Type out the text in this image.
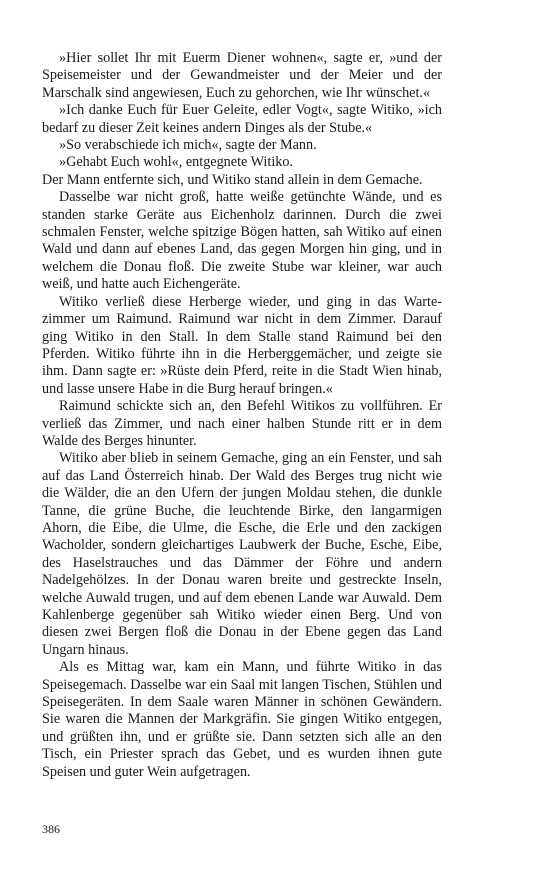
»Hier sollet Ihr mit Euerm Diener wohnen«, sagte er, »und der Speisemeister und der Gewandmeister und der Meier und der Marschalk sind angewiesen, Euch zu gehorchen, wie Ihr wünschet.«

»Ich danke Euch für Euer Geleite, edler Vogt«, sagte Witiko, »ich bedarf zu dieser Zeit keines andern Dinges als der Stube.«

»So verabschiede ich mich«, sagte der Mann.

»Gehabt Euch wohl«, entgegnete Witiko.

Der Mann entfernte sich, und Witiko stand allein in dem Gemache.

Dasselbe war nicht groß, hatte weiße getünchte Wände, und es standen starke Geräte aus Eichenholz darinnen. Durch die zwei schmalen Fenster, welche spitzige Bögen hatten, sah Witiko auf einen Wald und dann auf ebenes Land, das gegen Morgen hin ging, und in welchem die Donau floß. Die zweite Stube war kleiner, war auch weiß, und hatte auch Eichengeräte.

Witiko verließ diese Herberge wieder, und ging in das Wartezimmer um Raimund. Raimund war nicht in dem Zimmer. Darauf ging Witiko in den Stall. In dem Stalle stand Raimund bei den Pferden. Witiko führte ihn in die Herberggemächer, und zeigte sie ihm. Dann sagte er: »Rüste dein Pferd, reite in die Stadt Wien hinab, und lasse unsere Habe in die Burg herauf bringen.«

Raimund schickte sich an, den Befehl Witikos zu vollführen. Er verließ das Zimmer, und nach einer halben Stunde ritt er in dem Walde des Berges hinunter.

Witiko aber blieb in seinem Gemache, ging an ein Fenster, und sah auf das Land Österreich hinab. Der Wald des Berges trug nicht wie die Wälder, die an den Ufern der jungen Moldau stehen, die dunkle Tanne, die grüne Buche, die leuchtende Birke, den langarmigen Ahorn, die Eibe, die Ulme, die Esche, die Erle und den zackigen Wacholder, sondern gleichartiges Laubwerk der Buche, Esche, Eibe, des Haselstrauches und das Dämmer der Föhre und andern Nadelgehölzes. In der Donau waren breite und gestreckte Inseln, welche Auwald trugen, und auf dem ebenen Lande war Auwald. Dem Kahlenberge gegenüber sah Witiko wieder einen Berg. Und von diesen zwei Bergen floß die Donau in der Ebene gegen das Land Ungarn hinaus.

Als es Mittag war, kam ein Mann, und führte Witiko in das Speisegemach. Dasselbe war ein Saal mit langen Tischen, Stühlen und Speisegeräten. In dem Saale waren Männer in schönen Gewändern. Sie waren die Mannen der Markgräfin. Sie gingen Witiko entgegen, und grüßten ihn, und er grüßte sie. Dann setzten sich alle an den Tisch, ein Priester sprach das Gebet, und es wurden ihnen gute Speisen und guter Wein aufgetragen.

386
